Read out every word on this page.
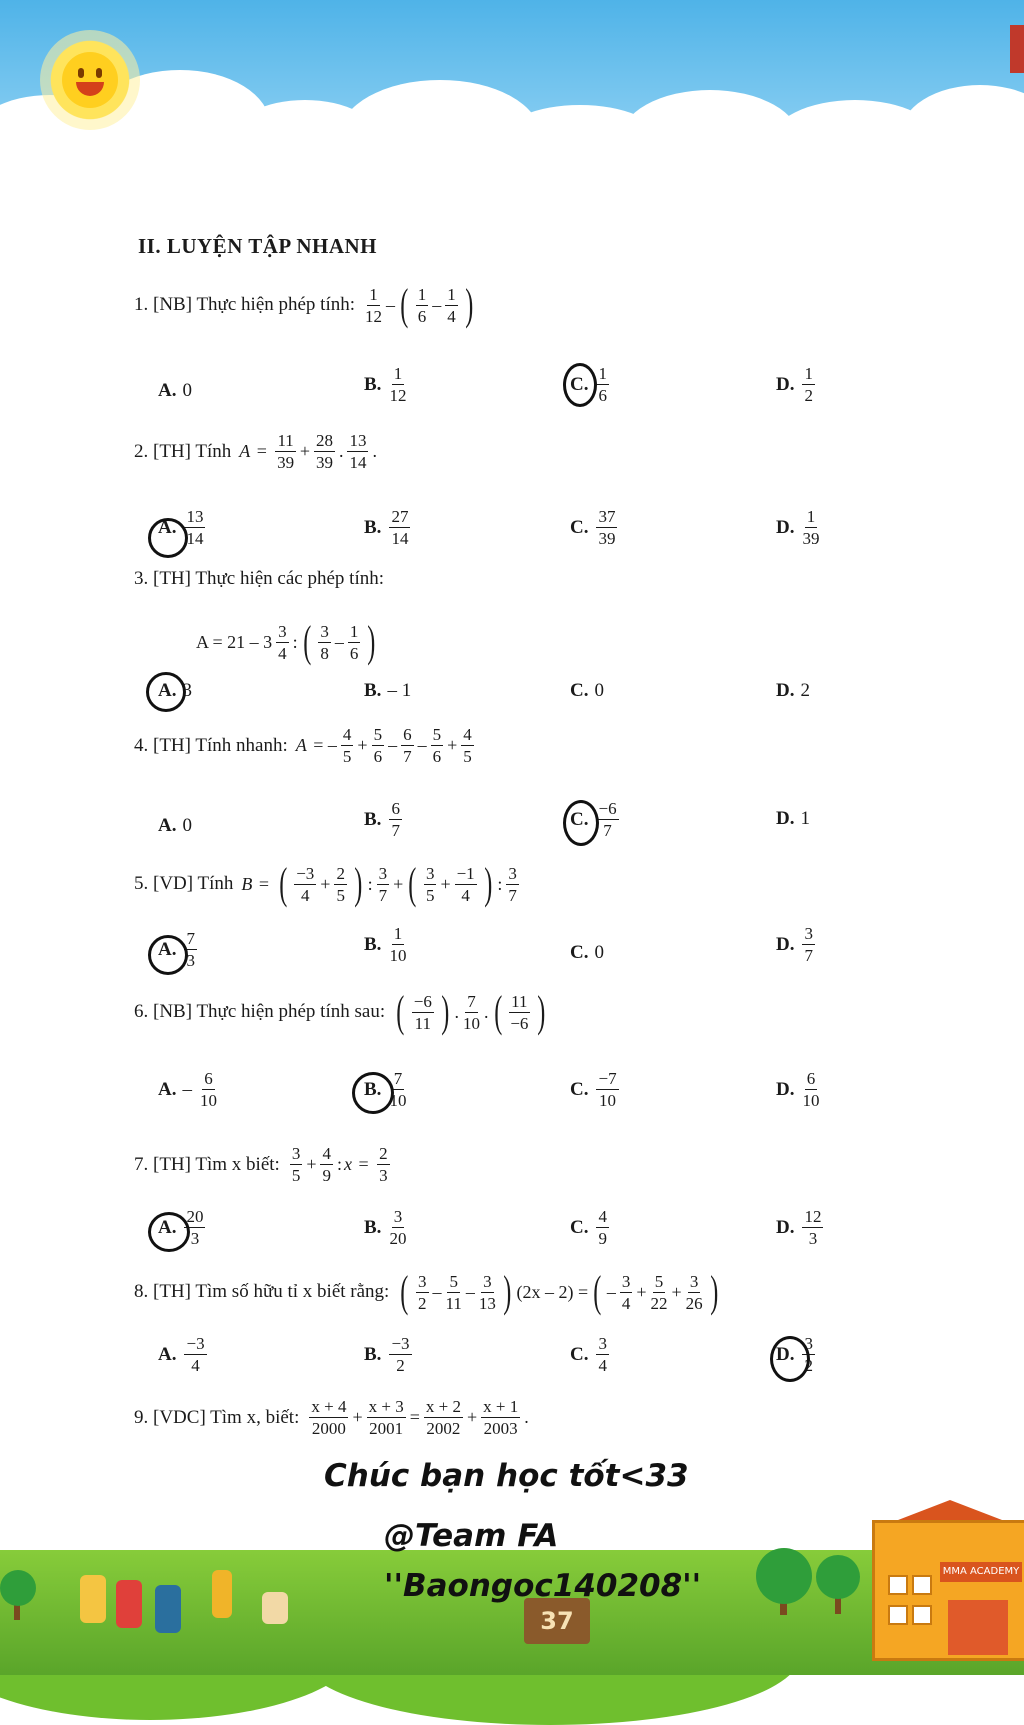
II. LUYỆN TẬP NHANH
1. [NB] Thực hiện phép tính: $\frac{1}{12}$ – ( $\frac{1}{6} - \frac{1}{4}$ )
A. 0	B. $\frac{1}{12}$	C. $\frac{1}{6}$	D. $\frac{1}{2}$
2. [TH] Tính $A = \frac{11}{39} + \frac{28}{39}$ . $\frac{13}{14}$ .
A. $\frac{13}{14}$	B. $\frac{27}{14}$	C. $\frac{37}{39}$	D. $\frac{1}{39}$
3. [TH] Thực hiện các phép tính:
$A = 21 - 3 \frac{3}{4}$ : ( $\frac{3}{8} - \frac{1}{6}$ )
A. 3	B. – 1	C. 0	D. 2
4. [TH] Tính nhanh: A = – $\frac{4}{5} + \frac{5}{6} - \frac{6}{7} - \frac{5}{6} + \frac{4}{5}$
A. 0	B. $\frac{6}{7}$	C. $\frac{-6}{7}$	D. 1
5. [VD] Tính B = ( $\frac{-3}{4} + \frac{2}{5}$ ) : $\frac{3}{7}$ + ( $\frac{3}{5} + \frac{-1}{4}$ ) : $\frac{3}{7}$
A. $\frac{7}{3}$	B. $\frac{1}{10}$	C. 0	D. $\frac{3}{7}$
6. [NB] Thực hiện phép tính sau: ( $\frac{-6}{11}$ ) . $\frac{7}{10}$ . ( $\frac{11}{-6}$ )
A. – $\frac{6}{10}$	B. $\frac{7}{10}$	C. $\frac{-7}{10}$	D. $\frac{6}{10}$
7. [TH] Tìm x biết: $\frac{3}{5} + \frac{4}{9}$ : $x = \frac{2}{3}$
A. $\frac{20}{3}$	B. $\frac{3}{20}$	C. $\frac{4}{9}$	D. $\frac{12}{3}$
8. [TH] Tìm số hữu tỉ x biết rằng: ( $\frac{3}{2} - \frac{5}{11} - \frac{3}{13}$ ) (2x – 2) = ( – $\frac{3}{4} + \frac{5}{22} + \frac{3}{26}$ )
A. $\frac{-3}{4}$	B. $\frac{-3}{2}$	C. $\frac{3}{4}$	D. $\frac{3}{2}$
9. [VDC] Tìm x, biết: $\frac{x + 4}{2000} + \frac{x + 3}{2001} = \frac{x + 2}{2002} + \frac{x + 1}{2003}$ .
Chúc bạn học tốt<33
37
MMA ACADEMY
@Team FA
''Baongoc140208''
